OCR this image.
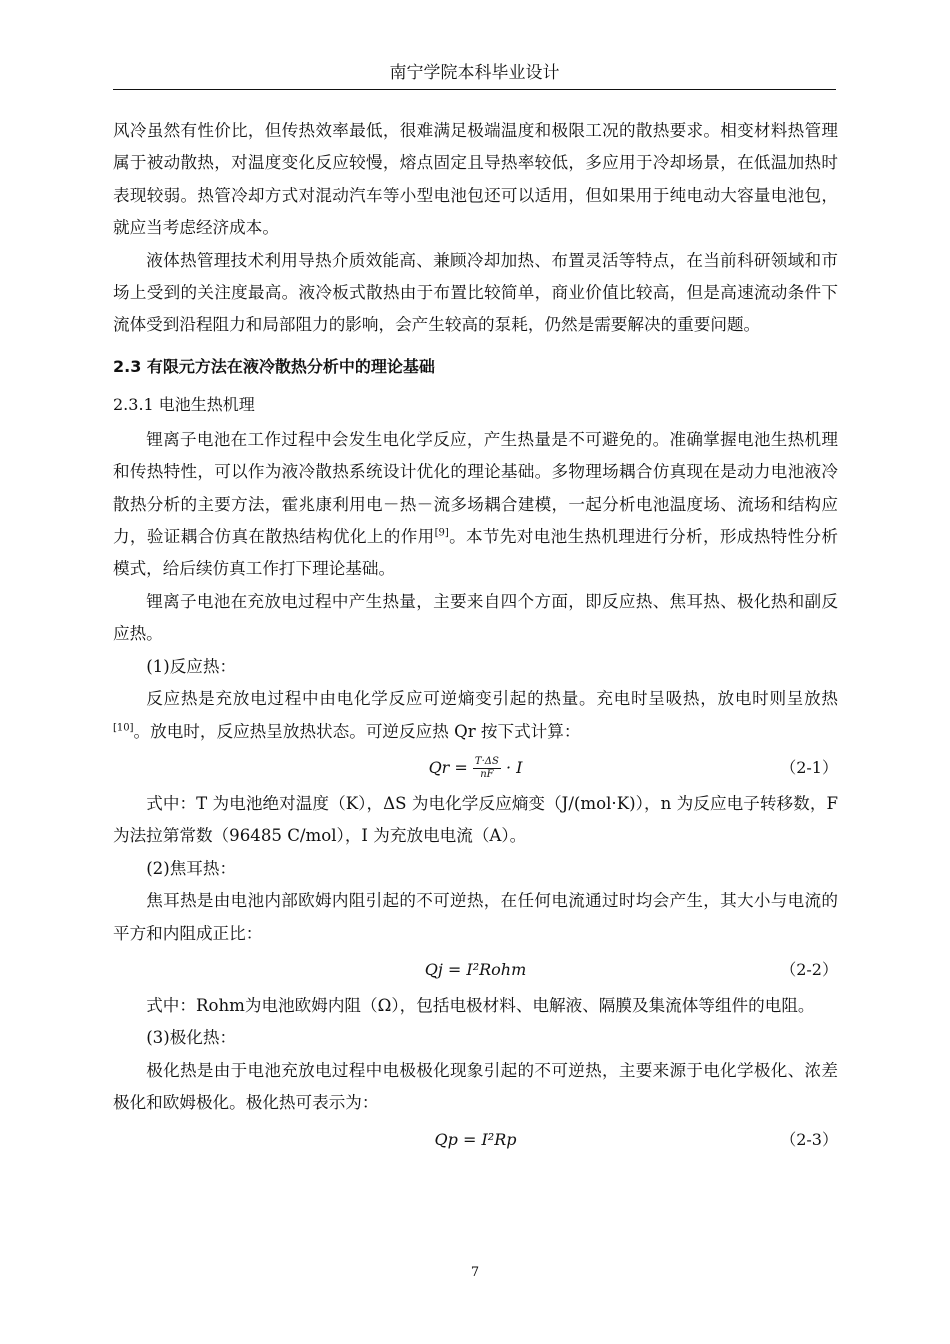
南宁学院本科毕业设计

风冷虽然有性价比，但传热效率最低，很难满足极端温度和极限工况的散热要求。相变材料热管理属于被动散热，对温度变化反应较慢，熔点固定且导热率较低，多应用于冷却场景，在低温加热时表现较弱。热管冷却方式对混动汽车等小型电池包还可以适用，但如果用于纯电动大容量电池包，就应当考虑经济成本。

液体热管理技术利用导热介质效能高、兼顾冷却加热、布置灵活等特点，在当前科研领域和市场上受到的关注度最高。液冷板式散热由于布置比较简单，商业价值比较高，但是高速流动条件下流体受到沿程阻力和局部阻力的影响，会产生较高的泵耗，仍然是需要解决的重要问题。

2.3 有限元方法在液冷散热分析中的理论基础

2.3.1 电池生热机理

锂离子电池在工作过程中会发生电化学反应，产生热量是不可避免的。准确掌握电池生热机理和传热特性，可以作为液冷散热系统设计优化的理论基础。多物理场耦合仿真现在是动力电池液冷散热分析的主要方法，霍兆康利用电－热－流多场耦合建模，一起分析电池温度场、流场和结构应力，验证耦合仿真在散热结构优化上的作用[9]。本节先对电池生热机理进行分析，形成热特性分析模式，给后续仿真工作打下理论基础。

锂离子电池在充放电过程中产生热量，主要来自四个方面，即反应热、焦耳热、极化热和副反应热。

(1)反应热：

反应热是充放电过程中由电化学反应可逆熵变引起的热量。充电时呈吸热，放电时则呈放热[10]。放电时，反应热呈放热状态。可逆反应热 Qr 按下式计算：

$Qr = \frac{T\cdot\Delta S}{nF} \cdot I$	（2-1）

式中：T 为电池绝对温度（K），ΔS 为电化学反应熵变（J/(mol·K)），n 为反应电子转移数，F 为法拉第常数（96485 C/mol），I 为充放电电流（A）。

(2)焦耳热：

焦耳热是由电池内部欧姆内阻引起的不可逆热，在任何电流通过时均会产生，其大小与电流的平方和内阻成正比：

Qj = I²Rohm	（2-2）

式中：Rohm为电池欧姆内阻（Ω），包括电极材料、电解液、隔膜及集流体等组件的电阻。

(3)极化热：

极化热是由于电池充放电过程中电极极化现象引起的不可逆热，主要来源于电化学极化、浓差极化和欧姆极化。极化热可表示为：

Qp = I²Rp	（2-3）
7
